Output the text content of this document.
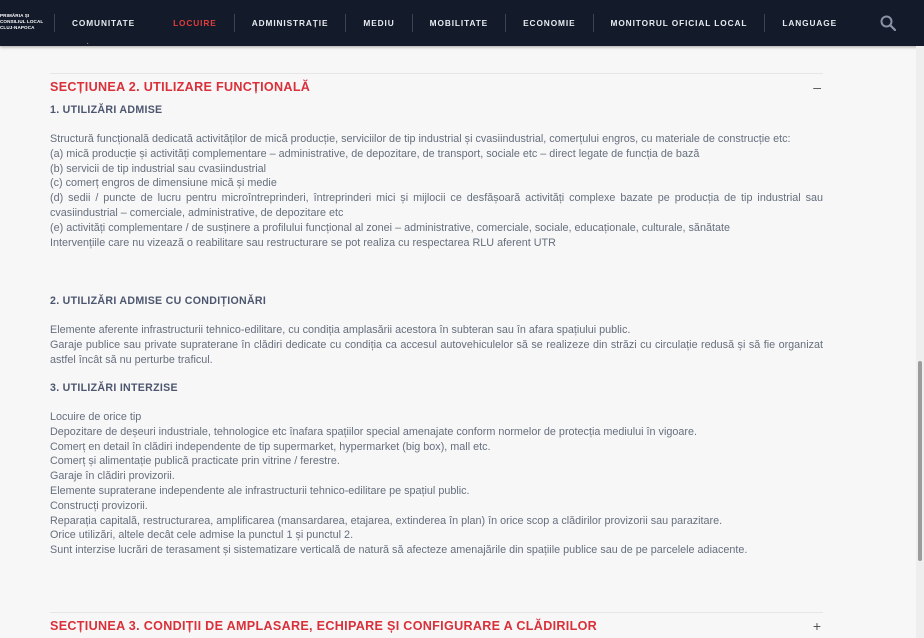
PRIMĂRIA ȘI
CONSILIUL LOCAL
CLUJ-NAPOCA	COMUNITATE	LOCUIRE	ADMINISTRAȚIE	MEDIU	MOBILITATE	ECONOMIE	MONITORUL OFICIAL LOCAL	LANGUAGE
·
SECȚIUNEA 2. UTILIZARE FUNCȚIONALĂ	–
1. UTILIZĂRI ADMISE

Structură funcțională dedicată activităților de mică producție, serviciilor de tip industrial și cvasiindustrial, comerțului engros, cu materiale de construcție etc:
(a) mică producție și activități complementare – administrative, de depozitare, de transport, sociale etc – direct legate de funcția de bază
(b) servicii de tip industrial sau cvasiindustrial
(c) comerț engros de dimensiune mică și medie
(d) sedii / puncte de lucru pentru microîntreprinderi, întreprinderi mici și mijlocii ce desfășoară activități complexe bazate pe producția de tip industrial sau cvasiindustrial – comerciale, administrative, de depozitare etc
(e) activități complementare / de susținere a profilului funcțional al zonei – administrative, comerciale, sociale, educaționale, culturale, sănătate
Intervențiile care nu vizează o reabilitare sau restructurare se pot realiza cu respectarea RLU aferent UTR

2. UTILIZĂRI ADMISE CU CONDIȚIONĂRI

Elemente aferente infrastructurii tehnico-edilitare, cu condiția amplasării acestora în subteran sau în afara spațiului public.
Garaje publice sau private supraterane în clădiri dedicate cu condiția ca accesul autovehiculelor să se realizeze din străzi cu circulație redusă și să fie organizat astfel încât să nu perturbe traficul.

3. UTILIZĂRI INTERZISE

Locuire de orice tip
Depozitare de deșeuri industriale, tehnologice etc înafara spațiilor special amenajate conform normelor de protecția mediului în vigoare.
Comerț en detail în clădiri independente de tip supermarket, hypermarket (big box), mall etc.
Comerț și alimentație publică practicate prin vitrine / ferestre.
Garaje în clădiri provizorii.
Elemente supraterane independente ale infrastructurii tehnico-edilitare pe spațiul public.
Construcți provizorii.
Reparația capitală, restructurarea, amplificarea (mansardarea, etajarea, extinderea în plan) în orice scop a clădirilor provizorii sau parazitare.
Orice utilizări, altele decât cele admise la punctul 1 și punctul 2.
Sunt interzise lucrări de terasament și sistematizare verticală de natură să afecteze amenajările din spațiile publice sau de pe parcelele adiacente.

SECȚIUNEA 3. CONDIȚII DE AMPLASARE, ECHIPARE ȘI CONFIGURARE A CLĂDIRILOR	+
